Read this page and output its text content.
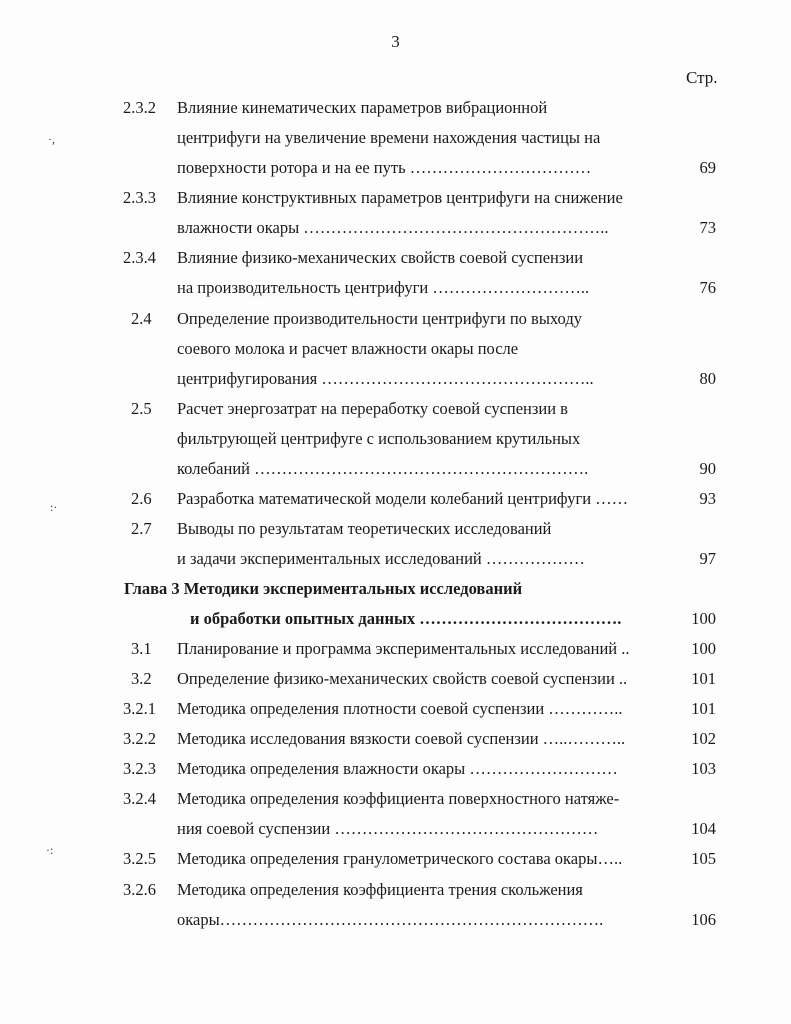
3
Стр.
2.3.2 Влияние кинематических параметров вибрационной
центрифуги на увеличение времени нахождения частицы на
поверхности ротора и на ее путь ……………………………	69
2.3.3 Влияние конструктивных параметров центрифуги на снижение
влажности окары ………………………………………………..	73
2.3.4 Влияние физико-механических свойств соевой суспензии
на производительность центрифуги ………………………..	76
2.4 Определение производительности центрифуги по выходу
соевого молока и расчет влажности окары после
центрифугирования …………………………………………..	80
2.5 Расчет энергозатрат на переработку соевой суспензии в
фильтрующей центрифуге с использованием крутильных
колебаний …………………………………………………….	90
2.6 Разработка математической модели колебаний центрифуги ……	93
2.7 Выводы по результатам теоретических исследований
и задачи экспериментальных исследований ………………	97
Глава 3 Методики экспериментальных исследований
и обработки опытных данных ……………………………….	100
3.1 Планирование и программа экспериментальных исследований ..	100
3.2 Определение физико-механических свойств соевой суспензии ..	101
3.2.1 Методика определения плотности соевой суспензии …………..	101
3.2.2 Методика исследования вязкости соевой суспензии …..………..	102
3.2.3 Методика определения влажности окары ………………………	103
3.2.4 Методика определения коэффициента поверхностного натяже-
ния соевой суспензии …………………………………………	104
3.2.5 Методика определения гранулометрического состава окары…..	105
3.2.6 Методика определения коэффициента трения скольжения
окары…………………………………………………………….	106
·,
:·
·:
